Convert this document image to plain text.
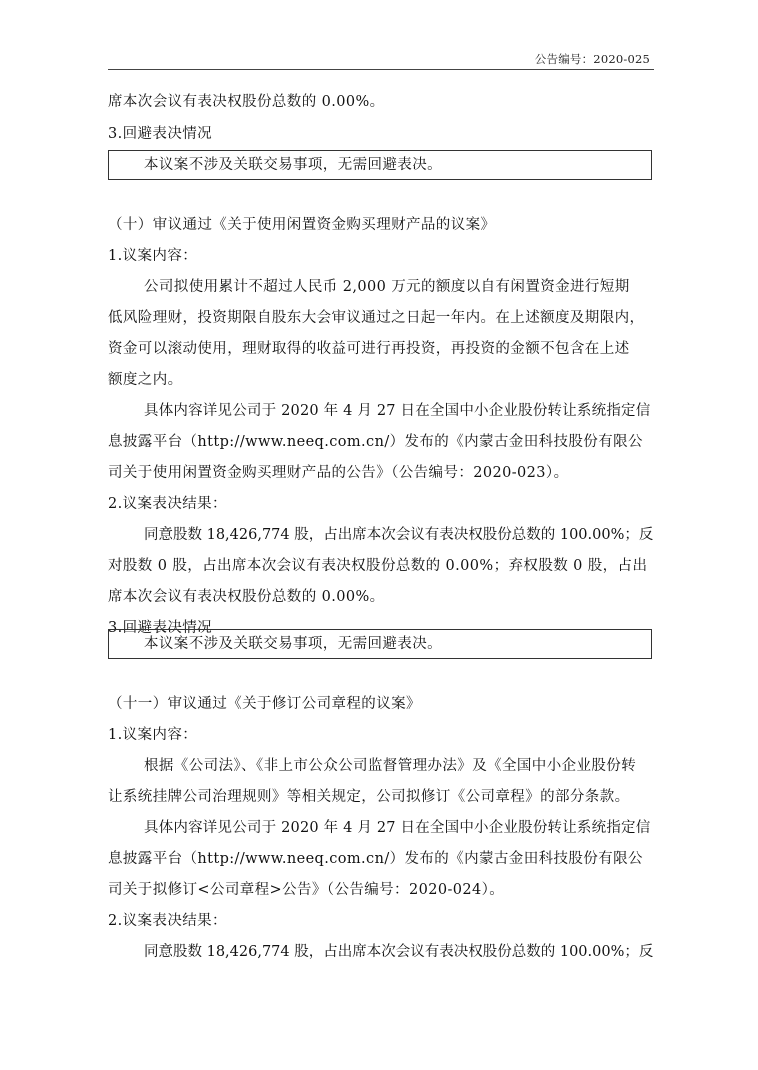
公告编号：2020-025

席本次会议有表决权股份总数的 0.00%。

3.回避表决情况

本议案不涉及关联交易事项，无需回避表决。

（十）审议通过《关于使用闲置资金购买理财产品的议案》

1.议案内容：

公司拟使用累计不超过人民币 2,000 万元的额度以自有闲置资金进行短期

低风险理财，投资期限自股东大会审议通过之日起一年内。在上述额度及期限内，

资金可以滚动使用，理财取得的收益可进行再投资，再投资的金额不包含在上述

额度之内。

具体内容详见公司于 2020 年 4 月 27 日在全国中小企业股份转让系统指定信

息披露平台（http://www.neeq.com.cn/）发布的《内蒙古金田科技股份有限公

司关于使用闲置资金购买理财产品的公告》（公告编号：2020-023）。

2.议案表决结果：

同意股数 18,426,774 股，占出席本次会议有表决权股份总数的 100.00%；反

对股数 0 股，占出席本次会议有表决权股份总数的 0.00%；弃权股数 0 股，占出

席本次会议有表决权股份总数的 0.00%。

3.回避表决情况

本议案不涉及关联交易事项，无需回避表决。

（十一）审议通过《关于修订公司章程的议案》

1.议案内容：

根据《公司法》、《非上市公众公司监督管理办法》及《全国中小企业股份转

让系统挂牌公司治理规则》等相关规定，公司拟修订《公司章程》的部分条款。

具体内容详见公司于 2020 年 4 月 27 日在全国中小企业股份转让系统指定信

息披露平台（http://www.neeq.com.cn/）发布的《内蒙古金田科技股份有限公

司关于拟修订<公司章程>公告》（公告编号：2020-024）。

2.议案表决结果：

同意股数 18,426,774 股，占出席本次会议有表决权股份总数的 100.00%；反
